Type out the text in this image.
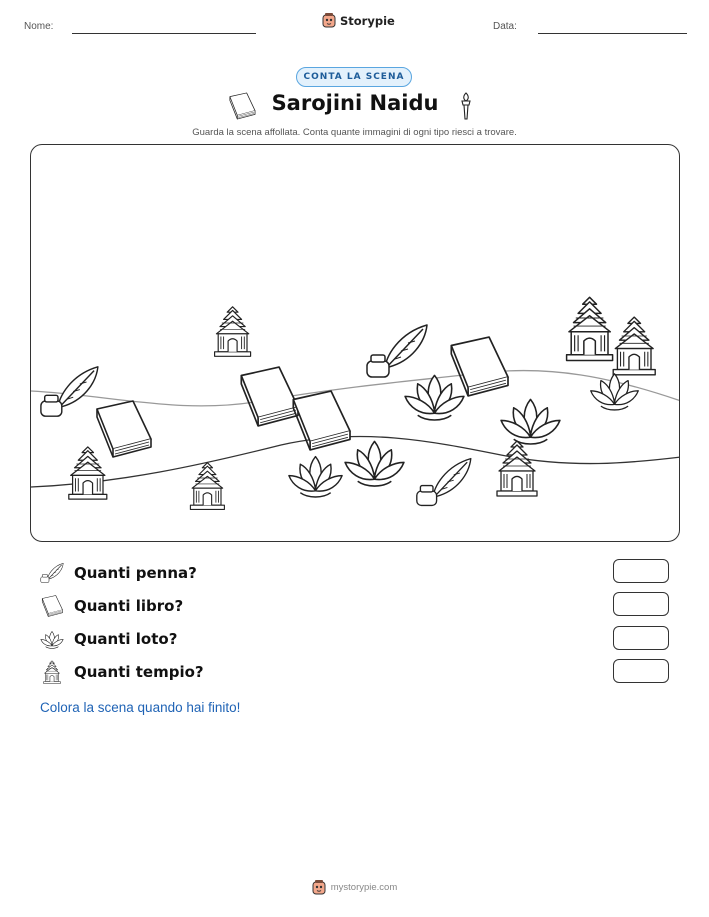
Nome:	Storypie	Data:
CONTA LA SCENA
Sarojini Naidu
Guarda la scena affollata. Conta quante immagini di ogni tipo riesci a trovare.
Quanti penna?
Quanti libro?
Quanti loto?
Quanti tempio?
Colora la scena quando hai finito!
mystorypie.com
